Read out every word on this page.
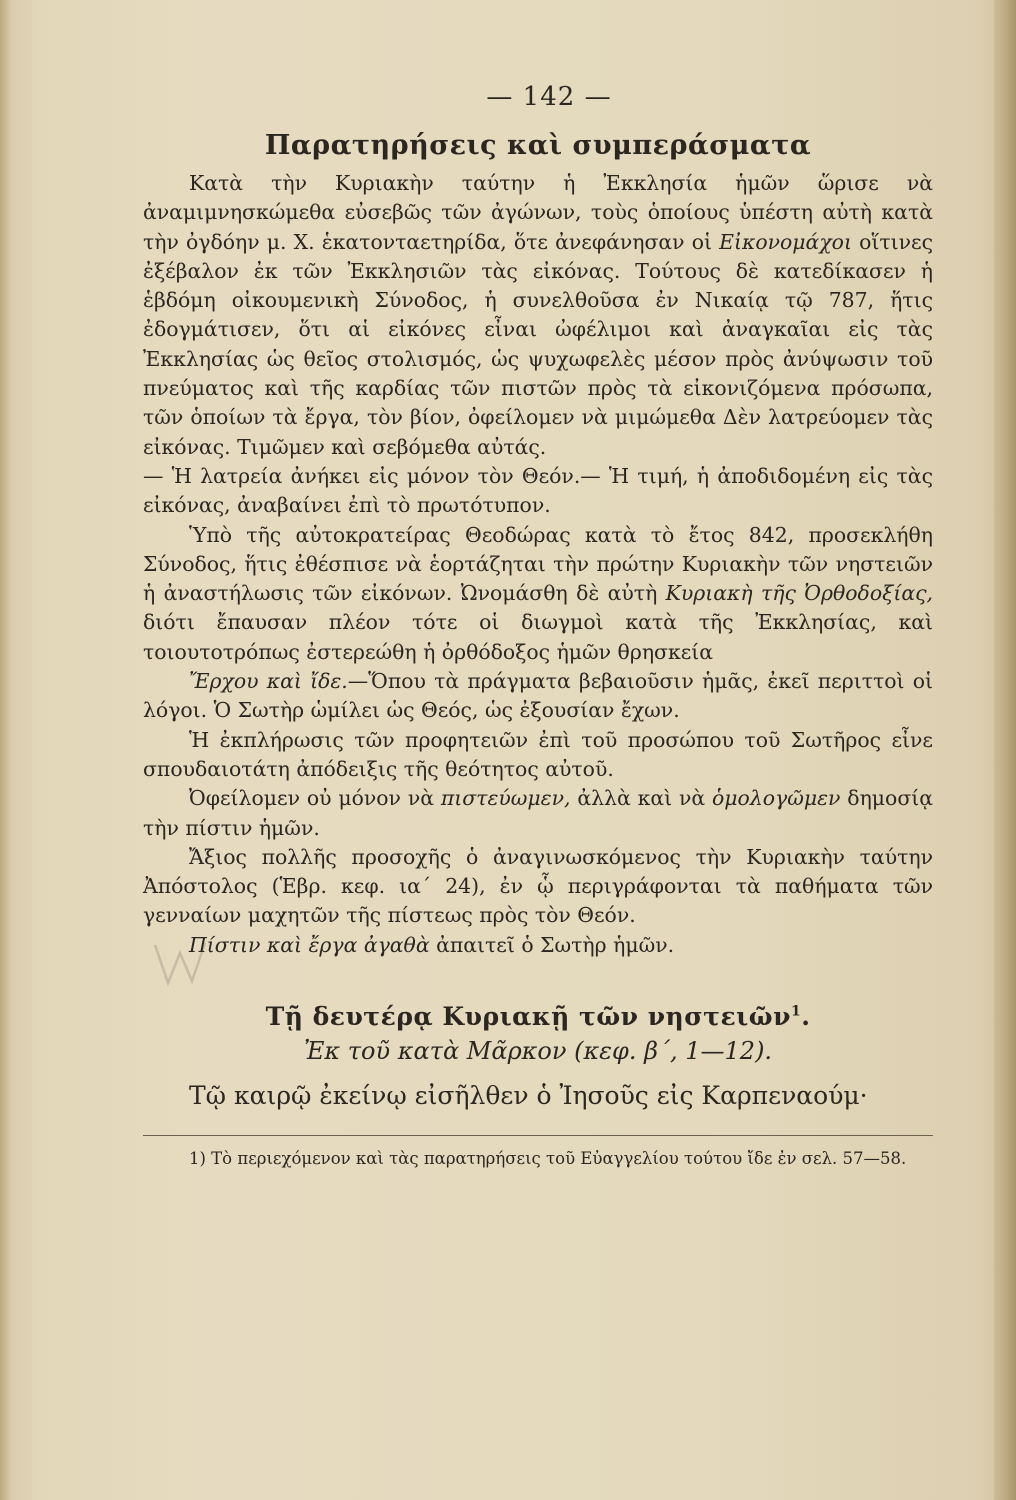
— 142 —
Παρατηρήσεις καὶ συμπεράσματα

Κατὰ τὴν Κυριακὴν ταύτην ἡ Ἐκκλησία ἡμῶν ὥρισε νὰ ἀναμιμνησκώμεθα εὐσεβῶς τῶν ἀγώνων, τοὺς ὁποίους ὑπέστη αὐτὴ κατὰ τὴν ὀγδόην μ. Χ. ἑκατονταετηρίδα, ὅτε ἀνεφάνησαν οἱ Εἰκονομάχοι οἵτινες ἐξέβαλον ἐκ τῶν Ἐκκλησιῶν τὰς εἰκόνας. Τούτους δὲ κατεδίκασεν ἡ ἑβδόμη οἰκουμενικὴ Σύνοδος, ἡ συνελθοῦσα ἐν Νικαίᾳ τῷ 787, ἥτις ἐδογμάτισεν, ὅτι αἱ εἰκόνες εἶναι ὠφέλιμοι καὶ ἀναγκαῖαι εἰς τὰς Ἐκκλησίας ὡς θεῖος στολισμός, ὡς ψυχωφελὲς μέσον πρὸς ἀνύψωσιν τοῦ πνεύματος καὶ τῆς καρδίας τῶν πιστῶν πρὸς τὰ εἰκονιζόμενα πρόσωπα, τῶν ὁποίων τὰ ἔργα, τὸν βίον, ὀφείλομεν νὰ μιμώμεθα Δὲν λατρεύομεν τὰς εἰκόνας. Τιμῶμεν καὶ σεβόμεθα αὐτάς.

— Ἡ λατρεία ἀνήκει εἰς μόνον τὸν Θεόν.— Ἡ τιμή, ἡ ἀποδιδομένη εἰς τὰς εἰκόνας, ἀναβαίνει ἐπὶ τὸ πρωτότυπον.

Ὑπὸ τῆς αὐτοκρατείρας Θεοδώρας κατὰ τὸ ἔτος 842, προσεκλήθη Σύνοδος, ἥτις ἐθέσπισε νὰ ἑορτάζηται τὴν πρώτην Κυριακὴν τῶν νηστειῶν ἡ ἀναστήλωσις τῶν εἰκόνων. Ὠνομάσθη δὲ αὐτὴ Κυριακὴ τῆς Ὀρθοδοξίας, διότι ἔπαυσαν πλέον τότε οἱ διωγμοὶ κατὰ τῆς Ἐκκλησίας, καὶ τοιουτοτρόπως ἐστερεώθη ἡ ὀρθόδοξος ἡμῶν θρησκεία

Ἔρχου καὶ ἴδε.—Ὅπου τὰ πράγματα βεβαιοῦσιν ἡμᾶς, ἐκεῖ περιττοὶ οἱ λόγοι. Ὁ Σωτὴρ ὡμίλει ὡς Θεός, ὡς ἐξουσίαν ἔχων.

Ἡ ἐκπλήρωσις τῶν προφητειῶν ἐπὶ τοῦ προσώπου τοῦ Σωτῆρος εἶνε σπουδαιοτάτη ἀπόδειξις τῆς θεότητος αὐτοῦ.

Ὀφείλομεν οὐ μόνον νὰ πιστεύωμεν, ἀλλὰ καὶ νὰ ὁμολογῶμεν δημοσίᾳ τὴν πίστιν ἡμῶν.

Ἄξιος πολλῆς προσοχῆς ὁ ἀναγινωσκόμενος τὴν Κυριακὴν ταύτην Ἀπόστολος (Ἑβρ. κεφ. ια´ 24), ἐν ᾧ περιγράφονται τὰ παθήματα τῶν γενναίων μαχητῶν τῆς πίστεως πρὸς τὸν Θεόν.

Πίστιν καὶ ἔργα ἀγαθὰ ἀπαιτεῖ ὁ Σωτὴρ ἡμῶν.

Τῇ δευτέρᾳ Κυριακῇ τῶν νηστειῶν$^1$.
Ἐκ τοῦ κατὰ Μᾶρκον (κεφ. β´, 1—12).

Τῷ καιρῷ ἐκείνῳ εἰσῆλθεν ὁ Ἰησοῦς εἰς Καρπεναούμ·

1) Τὸ περιεχόμενον καὶ τὰς παρατηρήσεις τοῦ Εὐαγγελίου τούτου ἴδε ἐν σελ. 57—58.
